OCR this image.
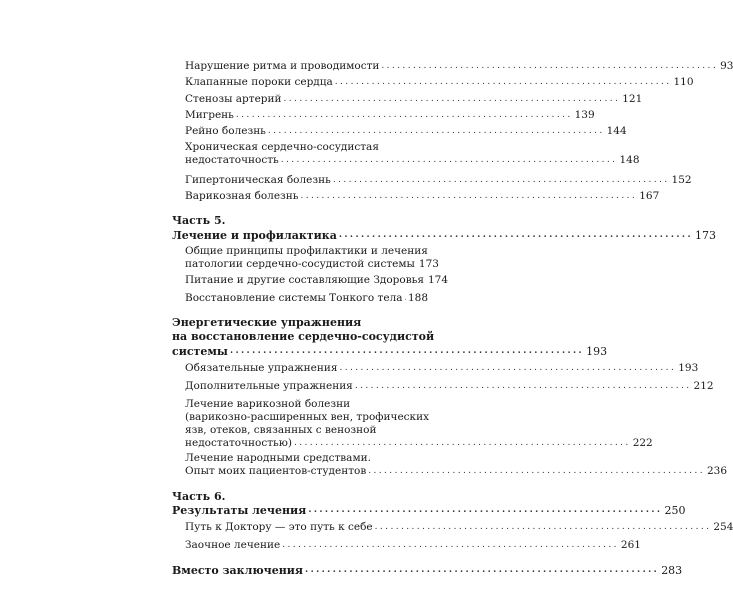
Нарушение ритма и проводимости ................................................................ 93
Клапанные пороки сердца ................................................................ 110
Стенозы артерий ................................................................ 121
Мигрень ................................................................ 139
Рейно болезнь ................................................................ 144
Хроническая сердечно-сосудистая
недостаточность ................................................................ 148
Гипертоническая болезнь ................................................................ 152
Варикозная болезнь ................................................................ 167
Часть 5.
Лечение и профилактика ................................................................ 173
Общие принципы профилактики и лечения
патологии сердечно-сосудистой системы 173
Питание и другие составляющие Здоровья 174
Восстановление системы Тонкого тела 188
Энергетические упражнения
на восстановление сердечно-сосудистой
системы ................................................................ 193
Обязательные упражнения ................................................................ 193
Дополнительные упражнения ................................................................ 212
Лечение варикозной болезни
(варикозно-расширенных вен, трофических
язв, отеков, связанных с венозной
недостаточностью) ................................................................ 222
Лечение народными средствами.
Опыт моих пациентов-студентов ................................................................ 236
Часть 6.
Результаты лечения ................................................................ 250
Путь к Доктору — это путь к себе ................................................................ 254
Заочное лечение ................................................................ 261
Вместо заключения ................................................................ 283
